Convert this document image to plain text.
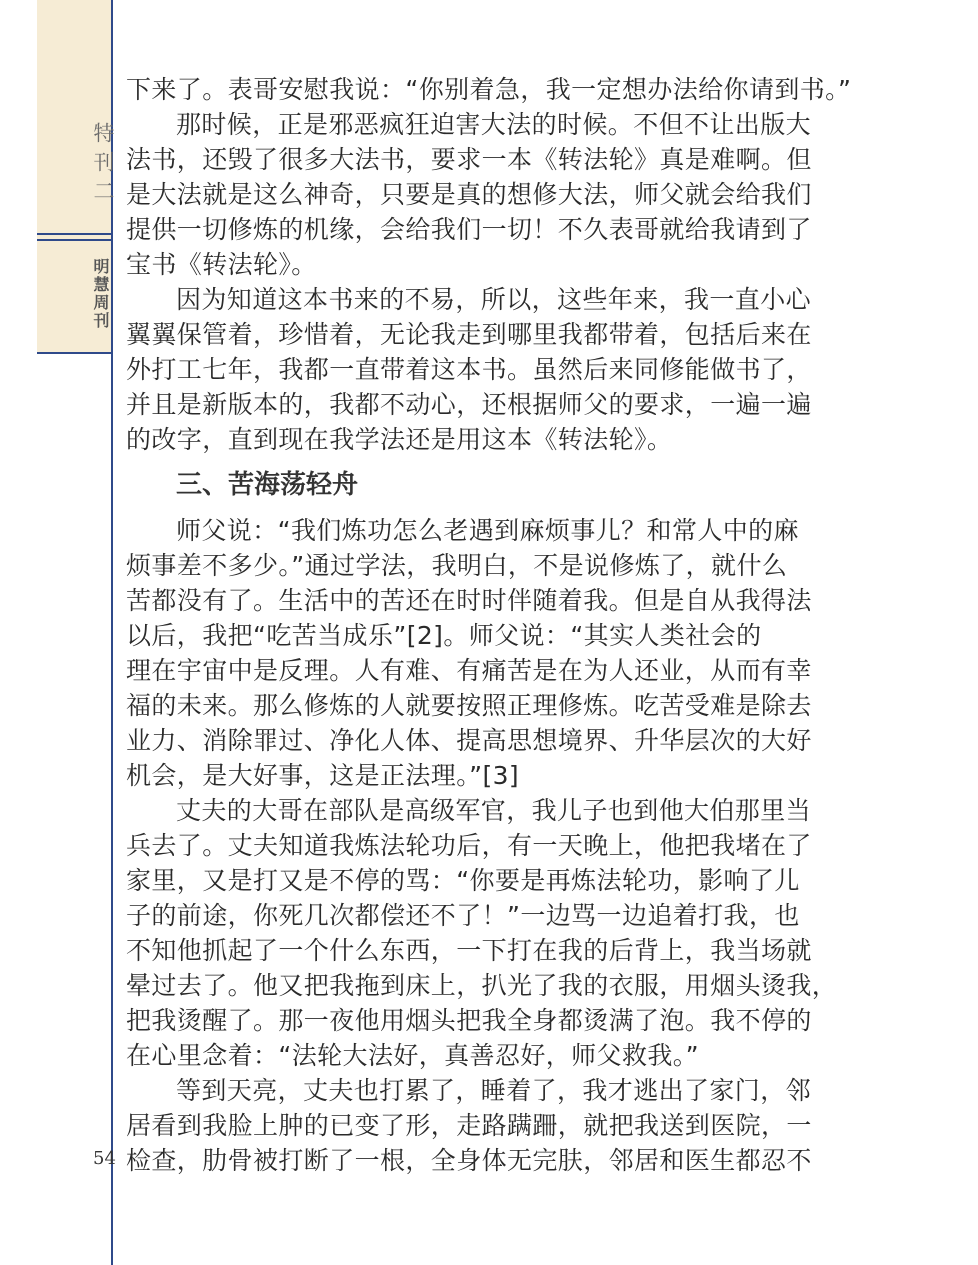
特刊二
明慧周刊
54
下来了。表哥安慰我说：“你别着急，我一定想办法给你请到书。”
那时候，正是邪恶疯狂迫害大法的时候。不但不让出版大
法书，还毁了很多大法书，要求一本《转法轮》真是难啊。但
是大法就是这么神奇，只要是真的想修大法，师父就会给我们
提供一切修炼的机缘，会给我们一切！不久表哥就给我请到了
宝书《转法轮》。
因为知道这本书来的不易，所以，这些年来，我一直小心
翼翼保管着，珍惜着，无论我走到哪里我都带着，包括后来在
外打工七年，我都一直带着这本书。虽然后来同修能做书了，
并且是新版本的，我都不动心，还根据师父的要求，一遍一遍
的改字，直到现在我学法还是用这本《转法轮》。
三、苦海荡轻舟
师父说：“我们炼功怎么老遇到麻烦事儿？和常人中的麻
烦事差不多少。”通过学法，我明白，不是说修炼了，就什么
苦都没有了。生活中的苦还在时时伴随着我。但是自从我得法
以后，我把“吃苦当成乐”[2]。师父说：“其实人类社会的
理在宇宙中是反理。人有难、有痛苦是在为人还业，从而有幸
福的未来。那么修炼的人就要按照正理修炼。吃苦受难是除去
业力、消除罪过、净化人体、提高思想境界、升华层次的大好
机会，是大好事，这是正法理。”[3]
丈夫的大哥在部队是高级军官，我儿子也到他大伯那里当
兵去了。丈夫知道我炼法轮功后，有一天晚上，他把我堵在了
家里，又是打又是不停的骂：“你要是再炼法轮功，影响了儿
子的前途，你死几次都偿还不了！”一边骂一边追着打我，也
不知他抓起了一个什么东西，一下打在我的后背上，我当场就
晕过去了。他又把我拖到床上，扒光了我的衣服，用烟头烫我，
把我烫醒了。那一夜他用烟头把我全身都烫满了泡。我不停的
在心里念着：“法轮大法好，真善忍好，师父救我。”
等到天亮，丈夫也打累了，睡着了，我才逃出了家门，邻
居看到我脸上肿的已变了形，走路蹒跚，就把我送到医院，一
检查，肋骨被打断了一根，全身体无完肤，邻居和医生都忍不
